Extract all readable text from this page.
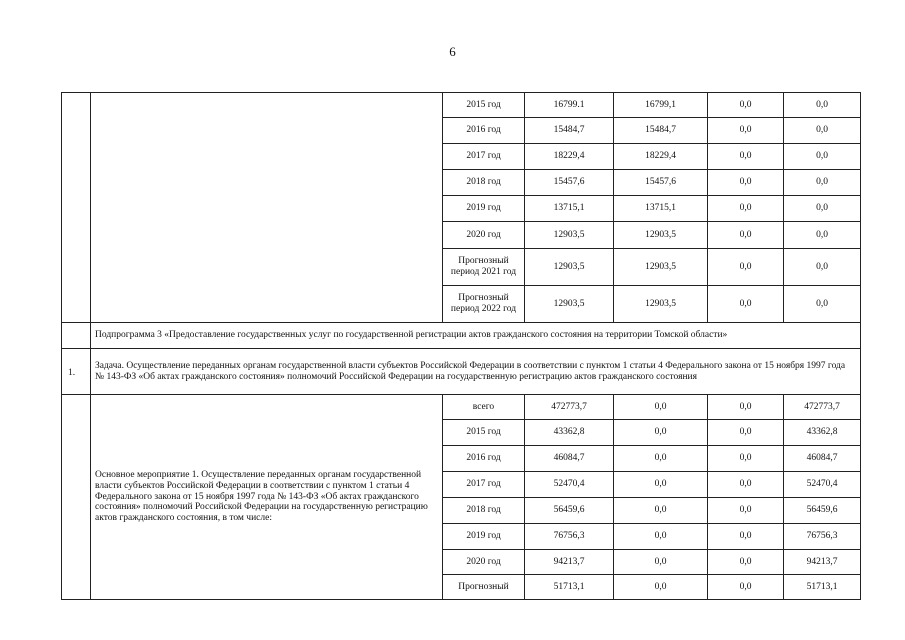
6
		2015 год	16799.1	16799,1	0,0	0,0
		2016 год	15484,7	15484,7	0,0	0,0
		2017 год	18229,4	18229,4	0,0	0,0
		2018 год	15457,6	15457,6	0,0	0,0
		2019 год	13715,1	13715,1	0,0	0,0
		2020 год	12903,5	12903,5	0,0	0,0
		Прогнозный период 2021 год	12903,5	12903,5	0,0	0,0
		Прогнозный период 2022 год	12903,5	12903,5	0,0	0,0
	Подпрограмма 3 «Предоставление государственных услуг по государственной регистрации актов гражданского состояния на территории Томской области»					
1.	Задача. Осуществление переданных органам государственной власти субъектов Российской Федерации в соответствии с пунктом 1 статьи 4 Федерального закона от 15 ноября 1997 года № 143-ФЗ «Об актах гражданского состояния» полномочий Российской Федерации на государственную регистрацию актов гражданского состояния					
	Основное мероприятие 1. Осуществление переданных органам государственной власти субъектов Российской Федерации в соответствии с пунктом 1 статьи 4 Федерального закона от 15 ноября 1997 года № 143-ФЗ «Об актах гражданского состояния» полномочий Российской Федерации на государственную регистрацию актов гражданского состояния, в том числе:	всего	472773,7	0,0	0,0	472773,7
		2015 год	43362,8	0,0	0,0	43362,8
		2016 год	46084,7	0,0	0,0	46084,7
		2017 год	52470,4	0,0	0,0	52470,4
		2018 год	56459,6	0,0	0,0	56459,6
		2019 год	76756,3	0,0	0,0	76756,3
		2020 год	94213,7	0,0	0,0	94213,7
		Прогнозный	51713,1	0,0	0,0	51713,1
